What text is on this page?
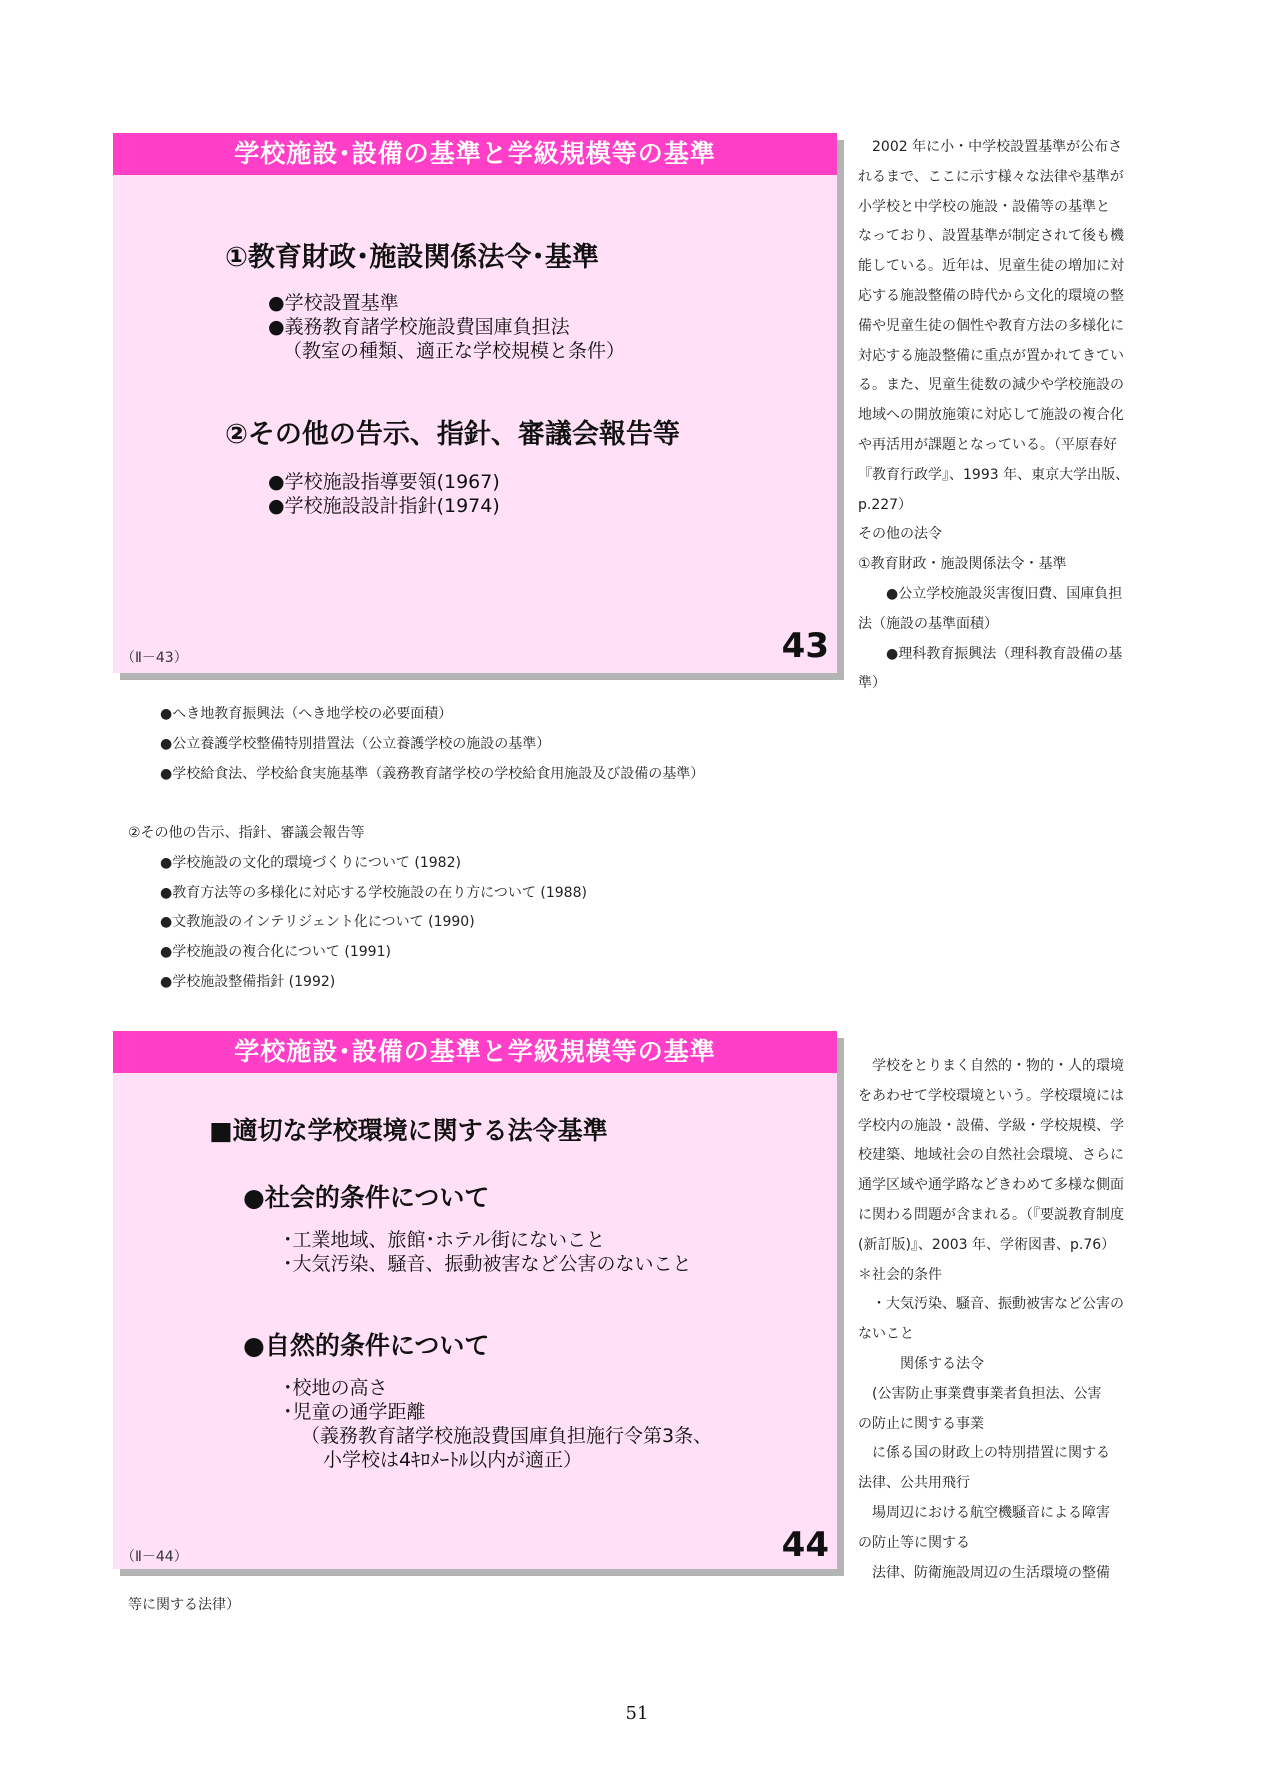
学校施設･設備の基準と学級規模等の基準
①教育財政･施設関係法令･基準
●学校設置基準
●義務教育諸学校施設費国庫負担法
（教室の種類、適正な学校規模と条件）
②その他の告示、指針、審議会報告等
●学校施設指導要領(1967)
●学校施設設計指針(1974)
（Ⅱ－43）	43
　2002 年に小・中学校設置基準が公布さ
れるまで、ここに示す様々な法律や基準が
小学校と中学校の施設・設備等の基準と
なっており、設置基準が制定されて後も機
能している。近年は、児童生徒の増加に対
応する施設整備の時代から文化的環境の整
備や児童生徒の個性や教育方法の多様化に
対応する施設整備に重点が置かれてきてい
る。また、児童生徒数の減少や学校施設の
地域への開放施策に対応して施設の複合化
や再活用が課題となっている。（平原春好
『教育行政学』、1993 年、東京大学出版、
p.227）
その他の法令
①教育財政・施設関係法令・基準
　　●公立学校施設災害復旧費、国庫負担
法（施設の基準面積）
　　●理科教育振興法（理科教育設備の基
準）
●へき地教育振興法（へき地学校の必要面積）
●公立養護学校整備特別措置法（公立養護学校の施設の基準）
●学校給食法、学校給食実施基準（義務教育諸学校の学校給食用施設及び設備の基準）
②その他の告示、指針、審議会報告等
●学校施設の文化的環境づくりについて (1982)
●教育方法等の多様化に対応する学校施設の在り方について (1988)
●文教施設のインテリジェント化について (1990)
●学校施設の複合化について (1991)
●学校施設整備指針 (1992)
学校施設･設備の基準と学級規模等の基準
■適切な学校環境に関する法令基準
●社会的条件について
･工業地域、旅館･ホテル街にないこと
･大気汚染、騒音、振動被害など公害のないこと
●自然的条件について
･校地の高さ
･児童の通学距離
（義務教育諸学校施設費国庫負担施行令第3条、
小学校は4ｷﾛﾒｰﾄﾙ以内が適正）
（Ⅱ－44）	44
　学校をとりまく自然的・物的・人的環境
をあわせて学校環境という。学校環境には
学校内の施設・設備、学級・学校規模、学
校建築、地域社会の自然社会環境、さらに
通学区域や通学路などきわめて多様な側面
に関わる問題が含まれる。（『要説教育制度
(新訂版)』、2003 年、学術図書、p.76）
＊社会的条件
　・大気汚染、騒音、振動被害など公害の
ないこと
　　　関係する法令
　(公害防止事業費事業者負担法、公害
の防止に関する事業
　に係る国の財政上の特別措置に関する
法律、公共用飛行
　場周辺における航空機騒音による障害
の防止等に関する
　法律、防衛施設周辺の生活環境の整備
等に関する法律）
51
